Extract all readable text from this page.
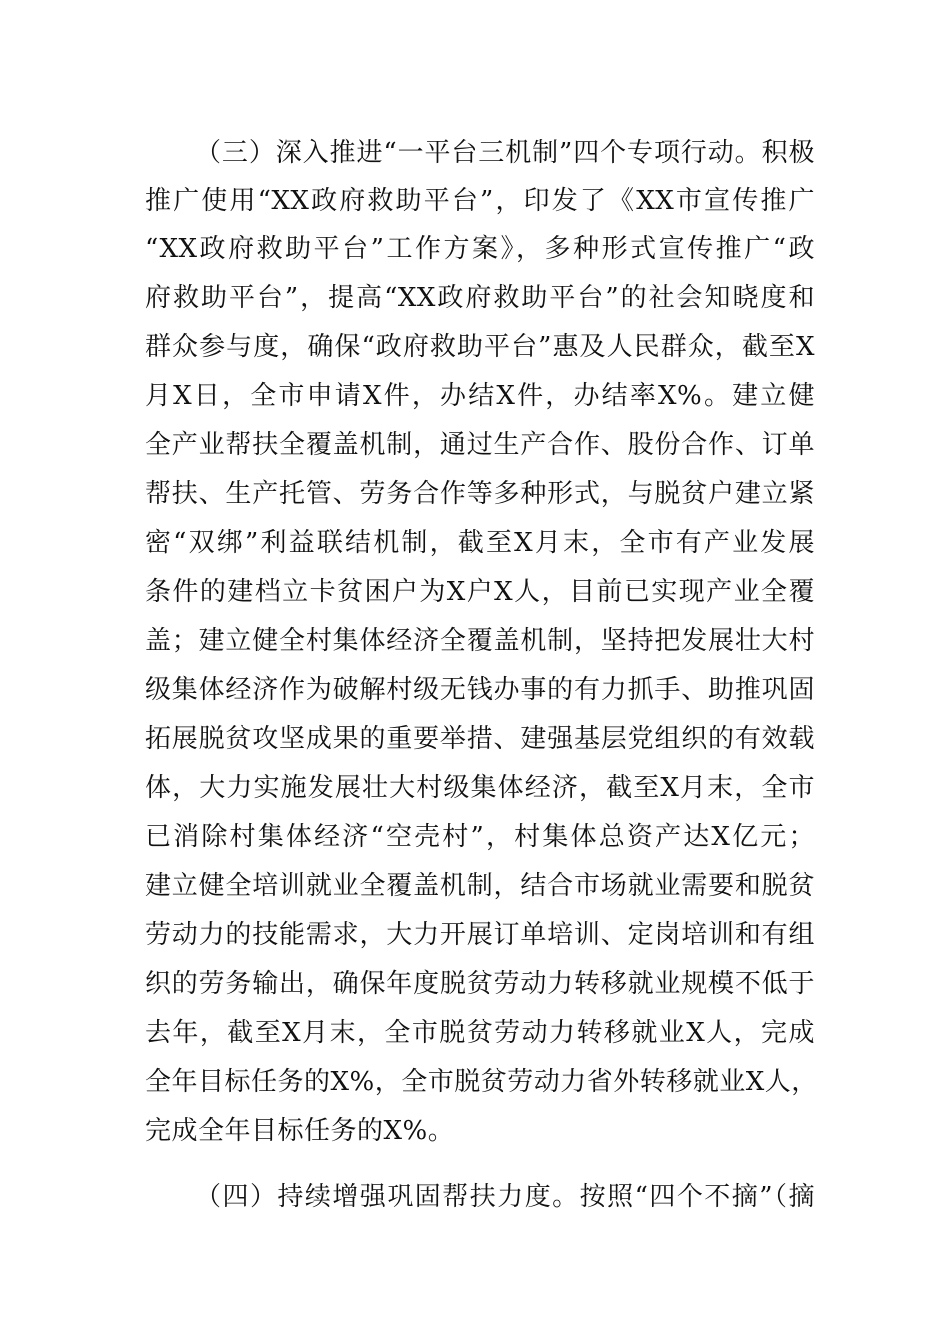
（三）深入推进“一平台三机制”四个专项行动。积极
推广使用“XX政府救助平台”，印发了《XX市宣传推广
“XX政府救助平台”工作方案》，多种形式宣传推广“政
府救助平台”，提高“XX政府救助平台”的社会知晓度和
群众参与度，确保“政府救助平台”惠及人民群众，截至X
月X日，全市申请X件，办结X件，办结率X%。建立健
全产业帮扶全覆盖机制，通过生产合作、股份合作、订单
帮扶、生产托管、劳务合作等多种形式，与脱贫户建立紧
密“双绑”利益联结机制，截至X月末，全市有产业发展
条件的建档立卡贫困户为X户X人，目前已实现产业全覆
盖；建立健全村集体经济全覆盖机制，坚持把发展壮大村
级集体经济作为破解村级无钱办事的有力抓手、助推巩固
拓展脱贫攻坚成果的重要举措、建强基层党组织的有效载
体，大力实施发展壮大村级集体经济，截至X月末，全市
已消除村集体经济“空壳村”，村集体总资产达X亿元；
建立健全培训就业全覆盖机制，结合市场就业需要和脱贫
劳动力的技能需求，大力开展订单培训、定岗培训和有组
织的劳务输出，确保年度脱贫劳动力转移就业规模不低于
去年，截至X月末，全市脱贫劳动力转移就业X人，完成
全年目标任务的X%，全市脱贫劳动力省外转移就业X人，
完成全年目标任务的X%。
（四）持续增强巩固帮扶力度。按照“四个不摘”（摘
